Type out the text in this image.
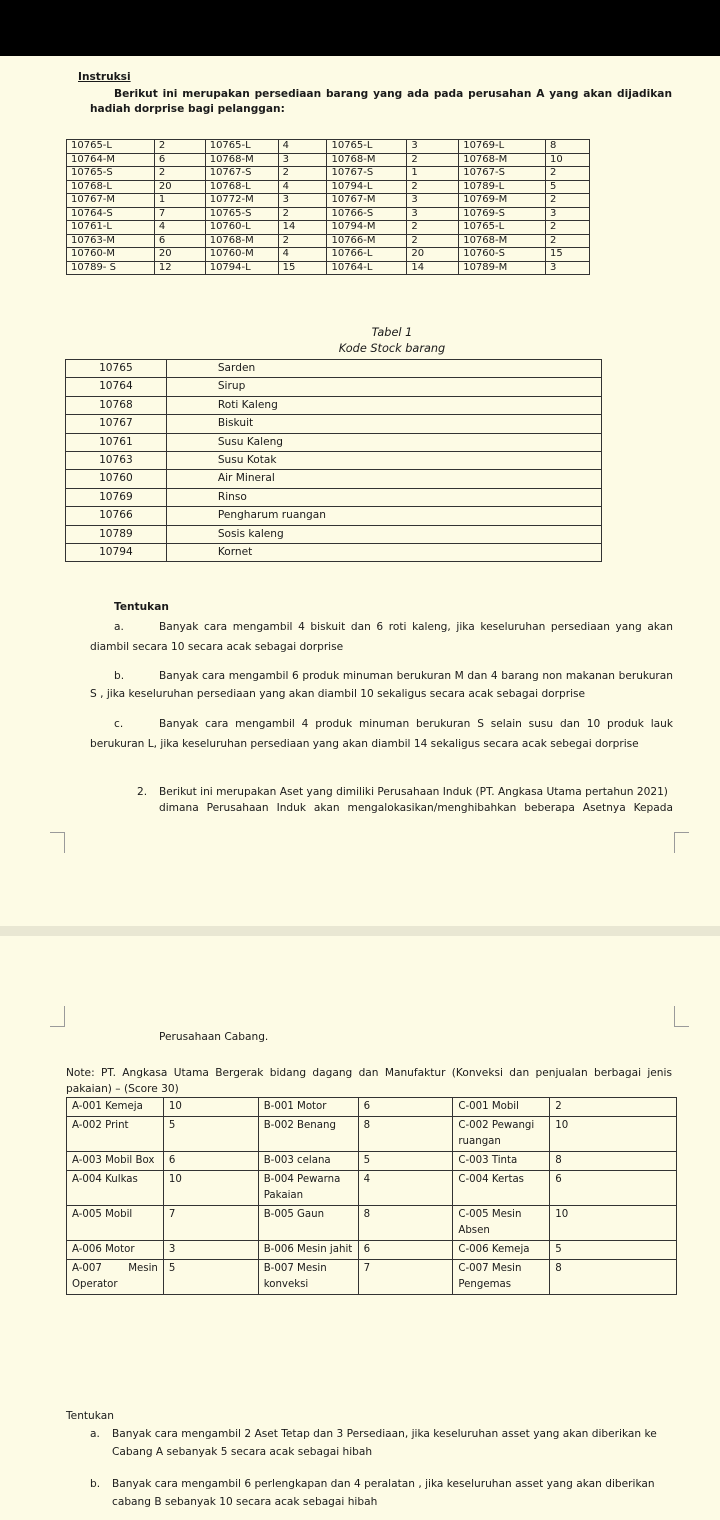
Instruksi
Berikut ini merupakan persediaan barang yang ada pada perusahan A yang akan dijadikan hadiah dorprise bagi pelanggan:
10765-L	2	10765-L	4	10765-L	3	10769-L	8
10764-M	6	10768-M	3	10768-M	2	10768-M	10
10765-S	2	10767-S	2	10767-S	1	10767-S	2
10768-L	20	10768-L	4	10794-L	2	10789-L	5
10767-M	1	10772-M	3	10767-M	3	10769-M	2
10764-S	7	10765-S	2	10766-S	3	10769-S	3
10761-L	4	10760-L	14	10794-M	2	10765-L	2
10763-M	6	10768-M	2	10766-M	2	10768-M	2
10760-M	20	10760-M	4	10766-L	20	10760-S	15
10789- S	12	10794-L	15	10764-L	14	10789-M	3
Tabel 1
Kode Stock barang
10765	Sarden
10764	Sirup
10768	Roti Kaleng
10767	Biskuit
10761	Susu Kaleng
10763	Susu Kotak
10760	Air Mineral
10769	Rinso
10766	Pengharum ruangan
10789	Sosis kaleng
10794	Kornet
Tentukan
a.	Banyak cara mengambil 4 biskuit dan 6 roti kaleng, jika keseluruhan persediaan yang akan
diambil secara 10 secara acak sebagai dorprise
b.	Banyak cara mengambil 6 produk minuman berukuran M dan 4 barang non makanan berukuran
S , jika keseluruhan persediaan yang akan diambil 10 sekaligus secara acak sebagai dorprise
c.	Banyak cara mengambil 4 produk minuman berukuran S selain susu dan 10 produk lauk
berukuran L, jika keseluruhan persediaan yang akan diambil 14 sekaligus secara acak sebegai dorprise
2. Berikut ini merupakan Aset yang dimiliki Perusahaan Induk (PT. Angkasa Utama pertahun 2021)
dimana Perusahaan Induk akan mengalokasikan/menghibahkan beberapa Asetnya Kepada
Perusahaan Cabang.
Note: PT. Angkasa Utama Bergerak bidang dagang dan Manufaktur (Konveksi dan penjualan berbagai jenis
pakaian) – (Score 30)
A-001 Kemeja	10	B-001 Motor	6	C-001 Mobil	2
A-002 Print	5	B-002 Benang	8	C-002 Pewangi ruangan	10
A-003 Mobil Box	6	B-003 celana	5	C-003 Tinta	8
A-004 Kulkas	10	B-004 Pewarna Pakaian	4	C-004 Kertas	6
A-005 Mobil	7	B-005 Gaun	8	C-005 Mesin Absen	10
A-006 Motor	3	B-006 Mesin jahit	6	C-006 Kemeja	5
A-007 Mesin Operator	5	B-007 Mesin konveksi	7	C-007 Mesin Pengemas	8
Tentukan
a. Banyak cara mengambil 2 Aset Tetap dan 3 Persediaan, jika keseluruhan asset yang akan diberikan ke
Cabang A sebanyak 5 secara acak sebagai hibah
b. Banyak cara mengambil 6 perlengkapan dan 4 peralatan , jika keseluruhan asset yang akan diberikan
cabang B sebanyak 10 secara acak sebagai hibah
